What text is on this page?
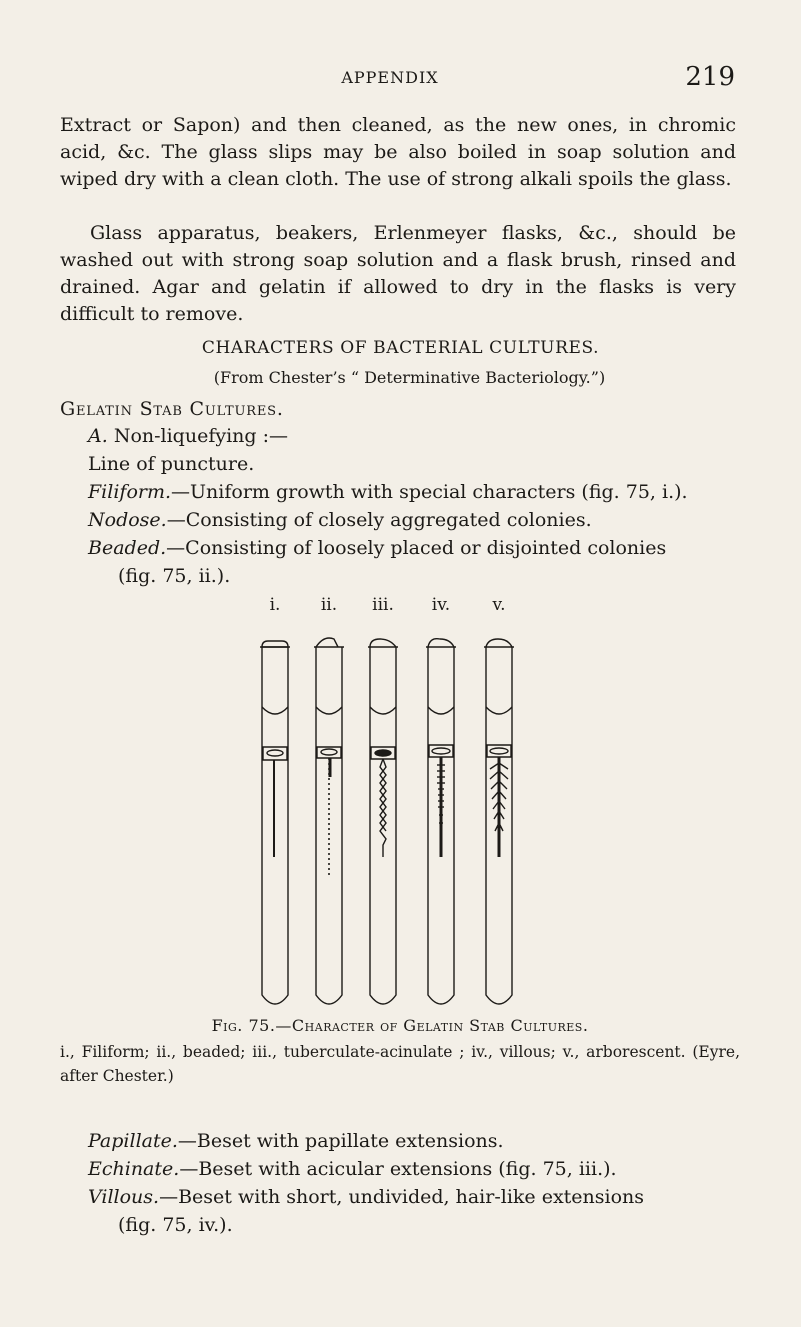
APPENDIX	219

Extract or Sapon) and then cleaned, as the new ones, in chromic acid, &c. The glass slips may be also boiled in soap solution and wiped dry with a clean cloth. The use of strong alkali spoils the glass.

Glass apparatus, beakers, Erlenmeyer flasks, &c., should be washed out with strong soap solution and a flask brush, rinsed and drained. Agar and gelatin if allowed to dry in the flasks is very difficult to remove.

CHARACTERS OF BACTERIAL CULTURES.

(From Chester’s “ Determinative Bacteriology.”)

Gelatin Stab Cultures.

A. Non-liquefying :—

Line of puncture.

Filiform.—Uniform growth with special characters (fig. 75, i.).

Nodose.—Consisting of closely aggregated colonies.

Beaded.—Consisting of loosely placed or disjointed colonies

(fig. 75, ii.).

i.	ii.	iii.	iv.	v.

Fig. 75.—Character of Gelatin Stab Cultures.

i., Filiform; ii., beaded; iii., tuberculate-acinulate ; iv., villous; v., arborescent. (Eyre, after Chester.)

Papillate.—Beset with papillate extensions.

Echinate.—Beset with acicular extensions (fig. 75, iii.).

Villous.—Beset with short, undivided, hair-like extensions

(fig. 75, iv.).
